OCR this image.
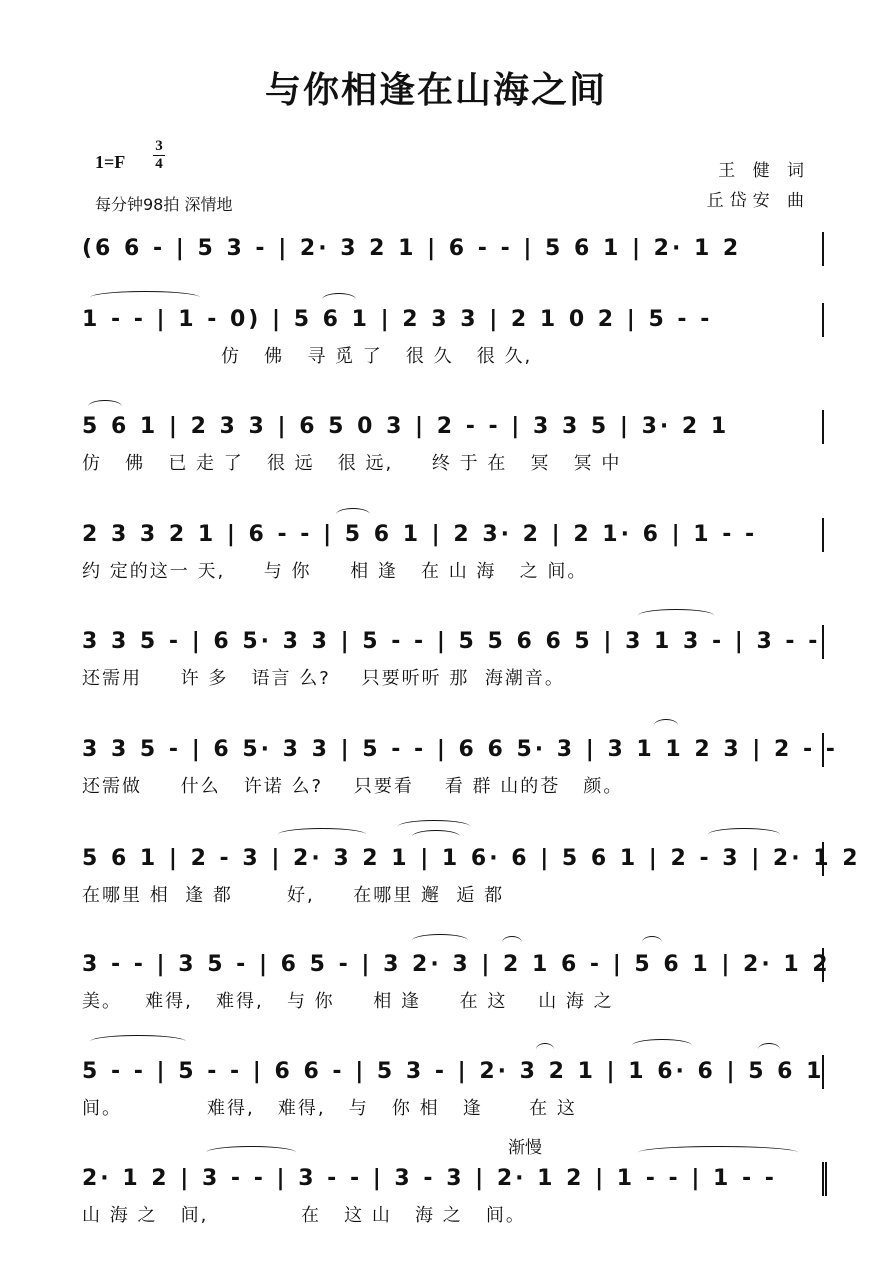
与你相逢在山海之间
1=F
3
4
每分钟98拍 深情地
王 健 词
丘岱安 曲
(6 6 - | 5 3 - | 2· 3 2 1 | 6 - - | 5 6 1 | 2· 1 2
1 - - | 1 - 0) | 5 6 1 | 2 3 3 | 2 1 0 2 | 5 - -
仿   佛   寻 觅 了   很 久   很 久,
5 6 1 | 2 3 3 | 6 5 0 3 | 2 - - | 3 3 5 | 3· 2 1
仿   佛   已 走 了   很 远   很 远,     终 于 在   冥   冥 中
2 3 3 2 1 | 6 - - | 5 6 1 | 2 3· 2 | 2 1· 6 | 1 - -
约 定的这一 天,     与 你     相 逢   在 山 海   之 间。
3 3 5 - | 6 5· 3 3 | 5 - - | 5 5 6 6 5 | 3 1 3 - | 3 - -
还需用     许 多   语言 么?    只要听听 那  海潮音。
3 3 5 - | 6 5· 3 3 | 5 - - | 6 6 5· 3 | 3 1 1 2 3 | 2 - -
还需做     什么   许诺 么?    只要看    看 群 山的苍   颜。
5 6 1 | 2 - 3 | 2· 3 2 1 | 1 6· 6 | 5 6 1 | 2 - 3 | 2· 1 2
在哪里 相  逢 都       好,     在哪里 邂  逅 都
3 - - | 3 5 - | 6 5 - | 3 2· 3 | 2 1 6 - | 5 6 1 | 2· 1 2
美。   难得,   难得,   与 你     相 逢     在 这    山 海 之
5 - - | 5 - - | 6 6 - | 5 3 - | 2· 3 2 1 | 1 6· 6 | 5 6 1
间。           难得,   难得,   与   你 相   逢      在 这
渐慢
2· 1 2 | 3 - - | 3 - - | 3 - 3 | 2· 1 2 | 1 - - | 1 - -
山 海 之   间,            在   这 山   海 之   间。
